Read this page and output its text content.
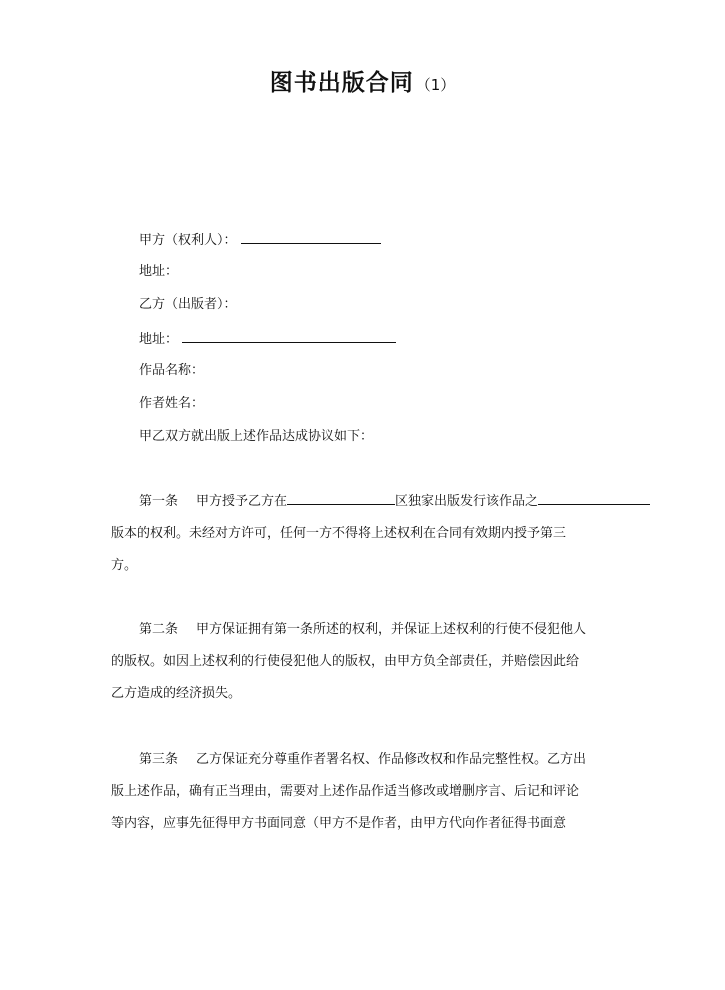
图书出版合同 （1）
甲方（权利人）：
地址：
乙方（出版者）：
地址：
作品名称：
作者姓名：
甲乙双方就出版上述作品达成协议如下：
第一条 甲方授予乙方在	区独家出版发行该作品之
版本的权利。未经对方许可，任何一方不得将上述权利在合同有效期内授予第三
方。
第二条 甲方保证拥有第一条所述的权利，并保证上述权利的行使不侵犯他人
的版权。如因上述权利的行使侵犯他人的版权，由甲方负全部责任，并赔偿因此给
乙方造成的经济损失。
第三条 乙方保证充分尊重作者署名权、作品修改权和作品完整性权。乙方出
版上述作品，确有正当理由，需要对上述作品作适当修改或增删序言、后记和评论
等内容，应事先征得甲方书面同意（甲方不是作者，由甲方代向作者征得书面意
